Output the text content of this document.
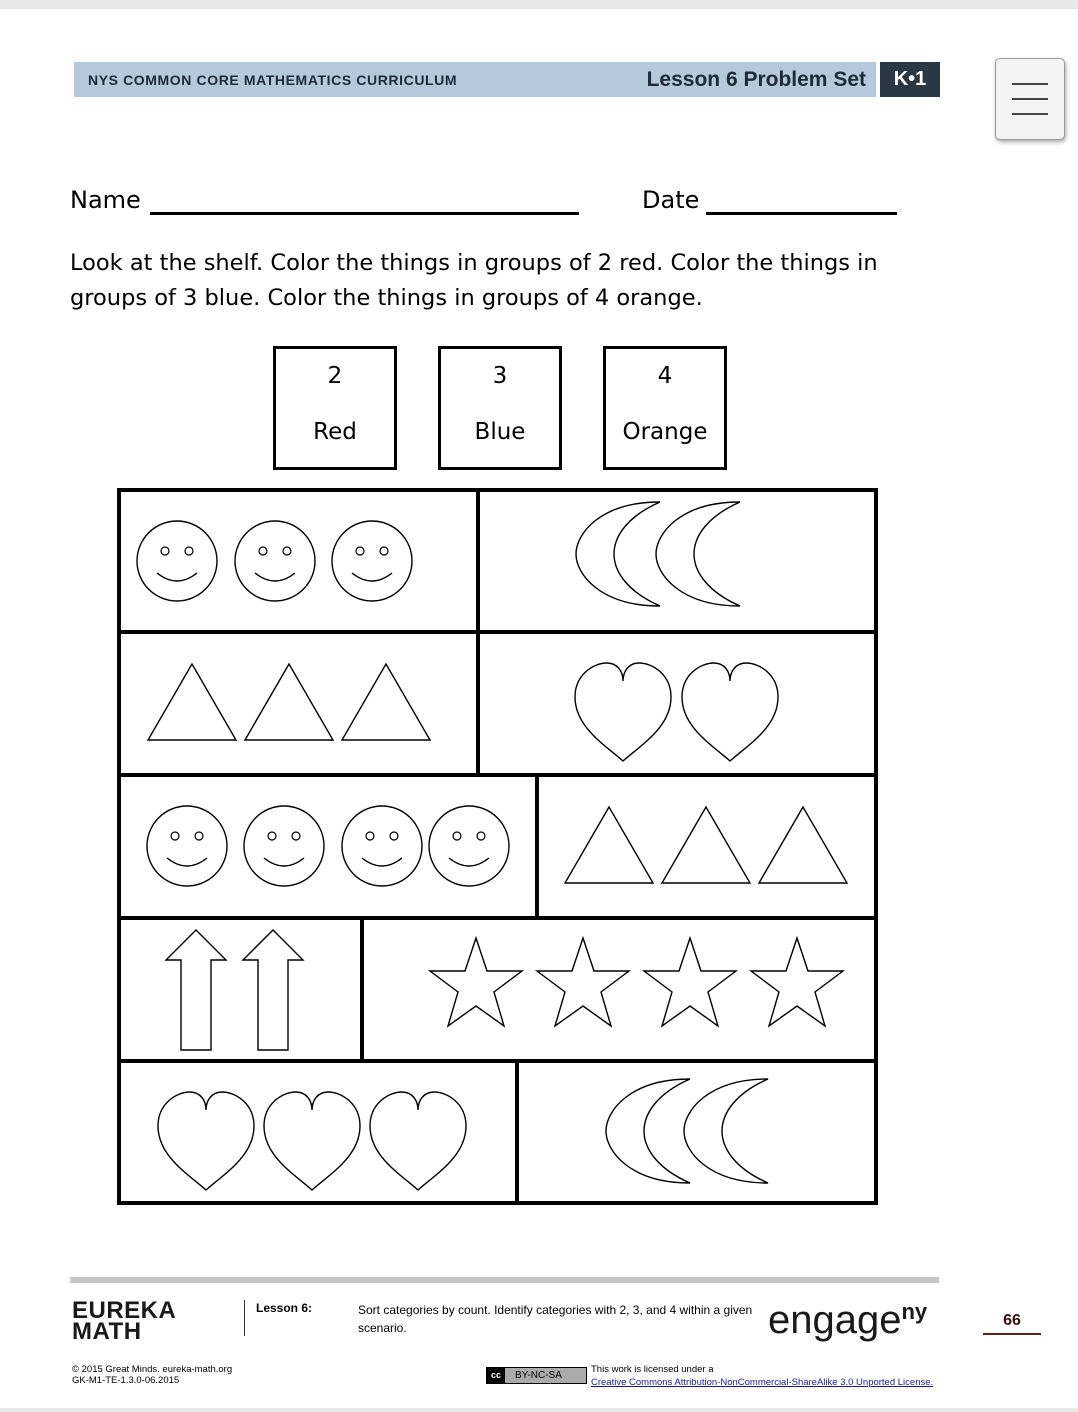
NYS COMMON CORE MATHEMATICS CURRICULUM	Lesson 6 Problem Set	K•1
Name	Date
Look at the shelf. Color the things in groups of 2 red. Color the things in groups of 3 blue. Color the things in groups of 4 orange.
2
Red
3
Blue
4
Orange
EUREKA
MATH
Lesson 6:	Sort categories by count. Identify categories with 2, 3, and 4 within a given scenario.	engage$^{ny}$	66
© 2015 Great Minds. eureka-math.org
GK-M1-TE-1.3.0-06.2015	cc BY-NC-SA
This work is licensed under a
Creative Commons Attribution-NonCommercial-ShareAlike 3.0 Unported License.
